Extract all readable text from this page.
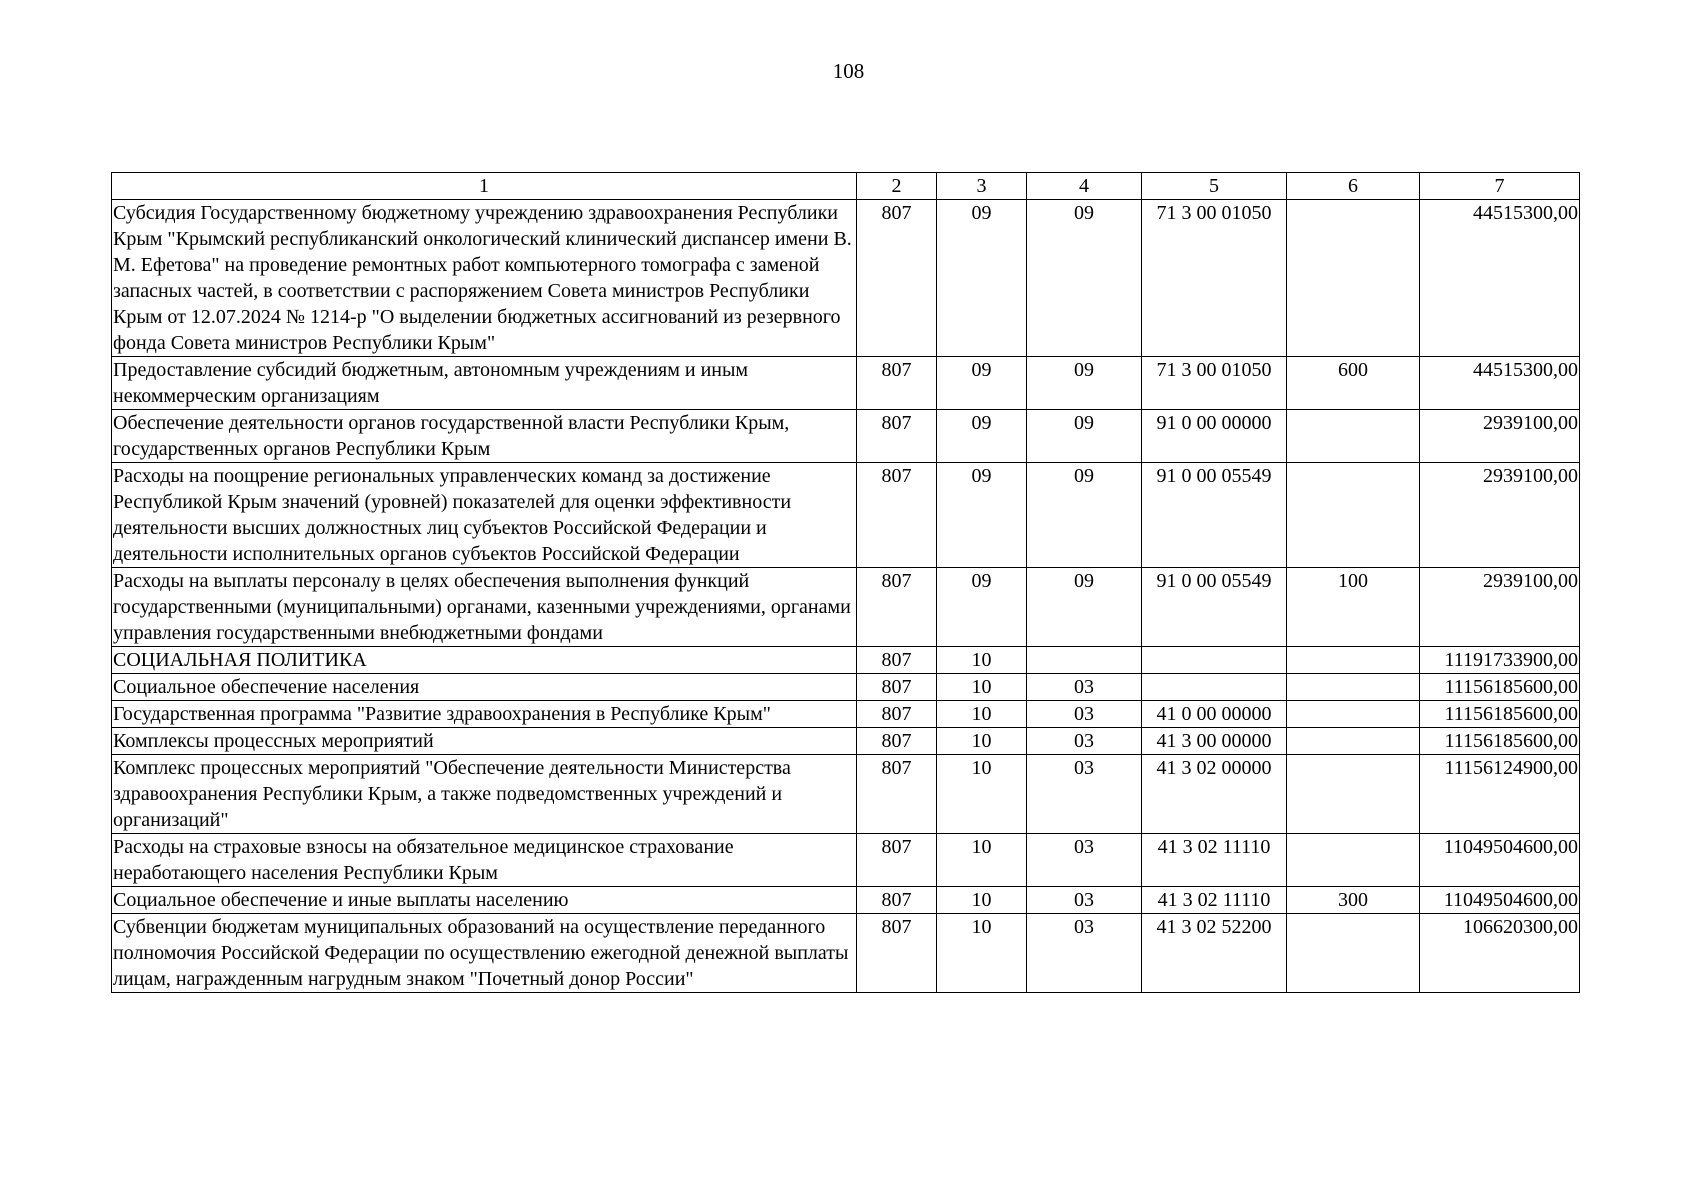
108
1	2	3	4	5	6	7
Субсидия Государственному бюджетному учреждению здравоохранения Республики Крым "Крымский республиканский онкологический клинический диспансер имени В. М. Ефетова" на проведение ремонтных работ компьютерного томографа с заменой запасных частей, в соответствии с распоряжением Совета министров Республики Крым от 12.07.2024 № 1214-р "О выделении бюджетных ассигнований из резервного фонда Совета министров Республики Крым"	807	09	09	71 3 00 01050		44515300,00
Предоставление субсидий бюджетным, автономным учреждениям и иным некоммерческим организациям	807	09	09	71 3 00 01050	600	44515300,00
Обеспечение деятельности органов государственной власти Республики Крым, государственных органов Республики Крым	807	09	09	91 0 00 00000		2939100,00
Расходы на поощрение региональных управленческих команд за достижение Республикой Крым значений (уровней) показателей для оценки эффективности деятельности высших должностных лиц субъектов Российской Федерации и деятельности исполнительных органов субъектов Российской Федерации	807	09	09	91 0 00 05549		2939100,00
Расходы на выплаты персоналу в целях обеспечения выполнения функций государственными (муниципальными) органами, казенными учреждениями, органами управления государственными внебюджетными фондами	807	09	09	91 0 00 05549	100	2939100,00
СОЦИАЛЬНАЯ ПОЛИТИКА	807	10				11191733900,00
Социальное обеспечение населения	807	10	03			11156185600,00
Государственная программа "Развитие здравоохранения в Республике Крым"	807	10	03	41 0 00 00000		11156185600,00
Комплексы процессных мероприятий	807	10	03	41 3 00 00000		11156185600,00
Комплекс процессных мероприятий "Обеспечение деятельности Министерства здравоохранения Республики Крым, а также подведомственных учреждений и организаций"	807	10	03	41 3 02 00000		11156124900,00
Расходы на страховые взносы на обязательное медицинское страхование неработающего населения Республики Крым	807	10	03	41 3 02 11110		11049504600,00
Социальное обеспечение и иные выплаты населению	807	10	03	41 3 02 11110	300	11049504600,00
Субвенции бюджетам муниципальных образований на осуществление переданного полномочия Российской Федерации по осуществлению ежегодной денежной выплаты лицам, награжденным нагрудным знаком "Почетный донор России"	807	10	03	41 3 02 52200		106620300,00
